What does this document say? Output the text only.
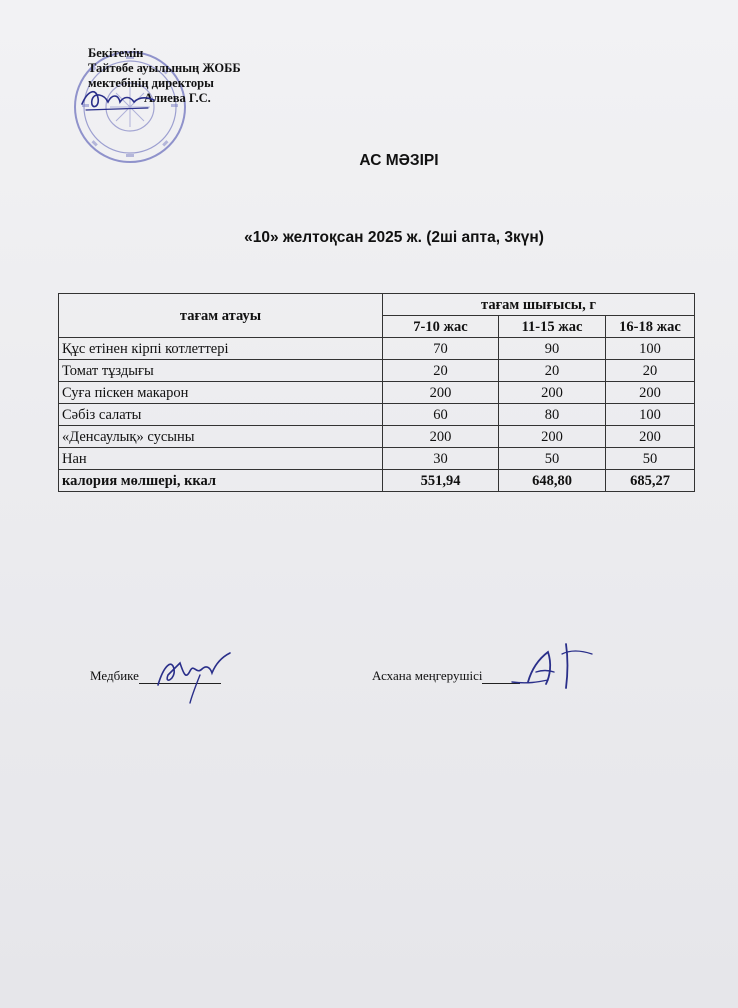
Бекітемін
Тайтөбе ауылының ЖОББ
мектебінің директоры
Алиева Г.С.
АС МӘЗІРІ
«10» желтоқсан 2025 ж. (2ші апта, 3күн)
тағам атауы	тағам шығысы, г		
	7-10 жас	11-15 жас	16-18 жас
Құс етінен кірпі котлеттері	70	90	100
Томат тұздығы	20	20	20
Суға піскен макарон	200	200	200
Сәбіз салаты	60	80	100
«Денсаулық» сусыны	200	200	200
Нан	30	50	50
калория мөлшері, ккал	551,94	648,80	685,27
Медбике	Асхана меңгерушісі
